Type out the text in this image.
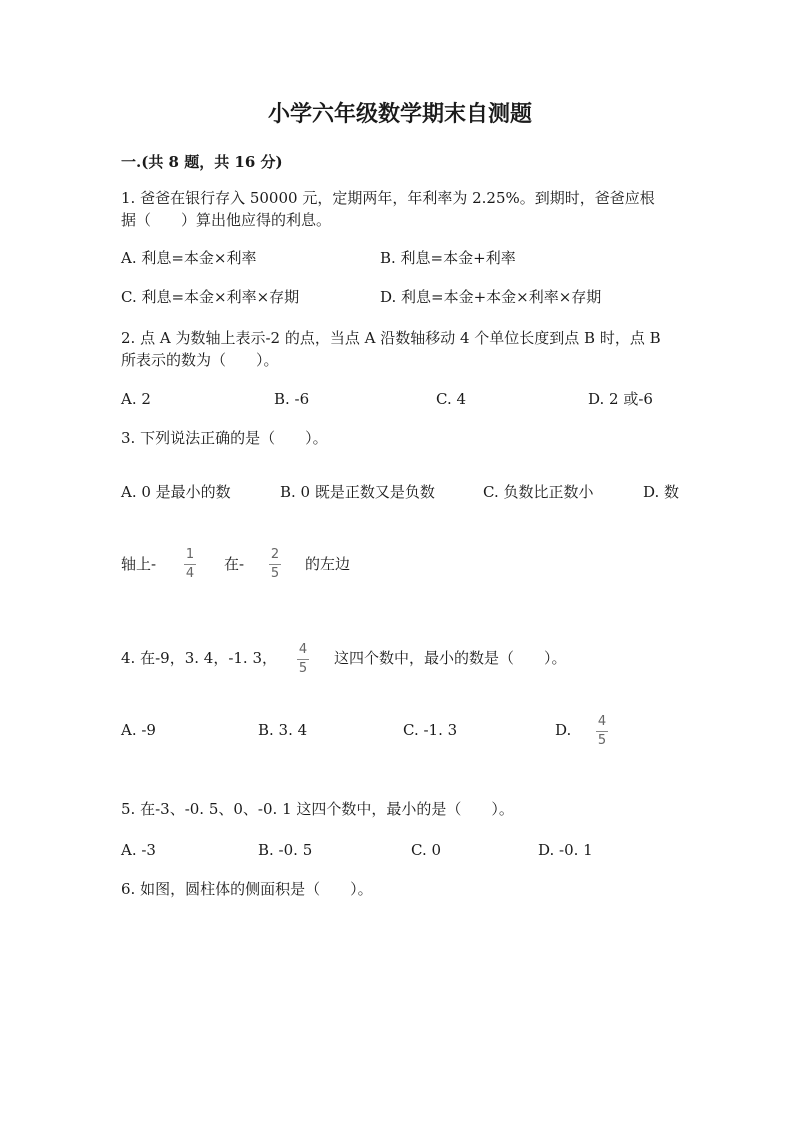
小学六年级数学期末自测题
一.(共 8 题，共 16 分)
1. 爸爸在银行存入 50000 元，定期两年，年利率为 2.25%。到期时，爸爸应根
据（　　）算出他应得的利息。
A. 利息=本金×利率	B. 利息=本金+利率
C. 利息=本金×利率×存期	D. 利息=本金+本金×利率×存期
2. 点 A 为数轴上表示-2 的点，当点 A 沿数轴移动 4 个单位长度到点 B 时，点 B
所表示的数为（　　）。
A. 2	B. -6	C. 4	D. 2 或-6
3. 下列说法正确的是（　　）。
A. 0 是最小的数	B. 0 既是正数又是负数	C. 负数比正数小	D. 数
轴上-
1
4
在-
2
5
的左边
4. 在-9，3. 4，-1. 3， 4
5
这四个数中，最小的数是（　　）。
A. -9	B. 3. 4	C. -1. 3	D. 4
5
5. 在-3、-0. 5、0、-0. 1 这四个数中，最小的是（　　）。
A. -3	B. -0. 5	C. 0	D. -0. 1
6. 如图，圆柱体的侧面积是（　　）。
